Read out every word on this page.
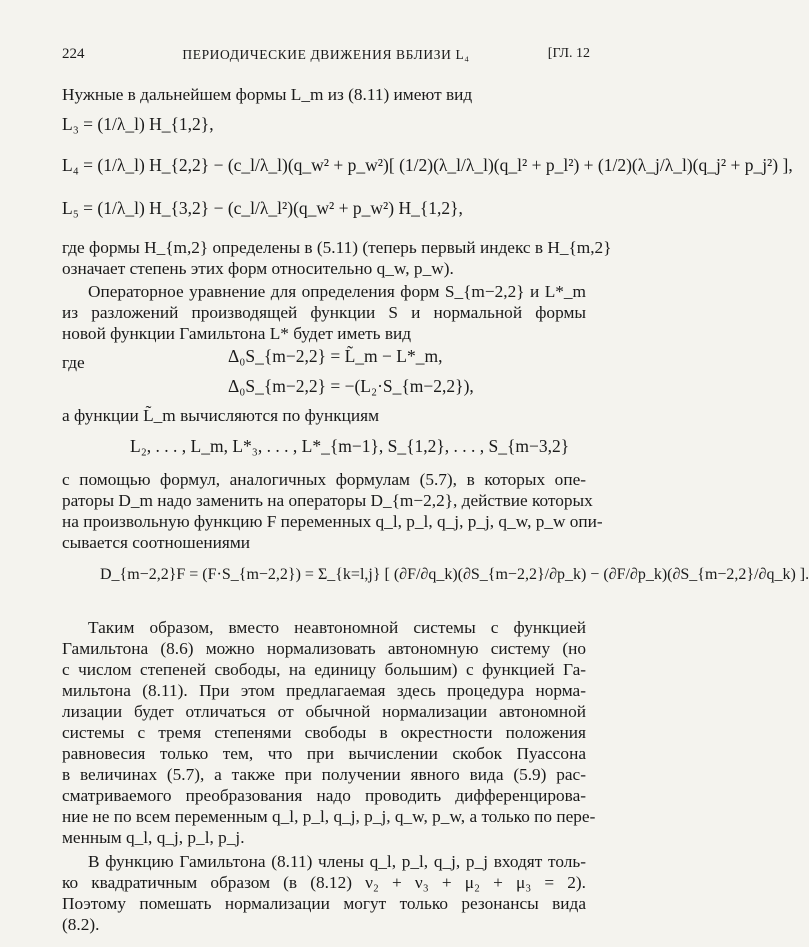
224	ПЕРИОДИЧЕСКИЕ ДВИЖЕНИЯ ВБЛИЗИ L₄	[ГЛ. 12
Нужные в дальнейшем формы L_m из (8.11) имеют вид
L₃ = (1/λ_l) H_{1,2},
L₄ = (1/λ_l) H_{2,2} − (c_l/λ_l)(q_w² + p_w²)[ (1/2)(λ_l/λ_l)(q_l² + p_l²) + (1/2)(λ_j/λ_l)(q_j² + p_j²) ],
L₅ = (1/λ_l) H_{3,2} − (c_l/λ_l²)(q_w² + p_w²) H_{1,2},
где формы H_{m,2} определены в (5.11) (теперь первый индекс в H_{m,2}
означает степень этих форм относительно q_w, p_w).
Операторное уравнение для определения форм S_{m−2,2} и L*_m
из разложений производящей функции S и нормальной формы
новой функции Гамильтона L* будет иметь вид
Δ₀S_{m−2,2} = L̃_m − L*_m,
где
Δ₀S_{m−2,2} = −(L₂·S_{m−2,2}),
а функции L̃_m вычисляются по функциям
L₂, . . . , L_m, L*₃, . . . , L*_{m−1}, S_{1,2}, . . . , S_{m−3,2}
с помощью формул, аналогичных формулам (5.7), в которых опе-
раторы D_m надо заменить на операторы D_{m−2,2}, действие которых
на произвольную функцию F переменных q_l, p_l, q_j, p_j, q_w, p_w опи-
сывается соотношениями
D_{m−2,2}F = (F·S_{m−2,2}) = Σ_{k=l,j} [ (∂F/∂q_k)(∂S_{m−2,2}/∂p_k) − (∂F/∂p_k)(∂S_{m−2,2}/∂q_k) ].
Таким образом, вместо неавтономной системы с функцией
Гамильтона (8.6) можно нормализовать автономную систему (но
с числом степеней свободы, на единицу большим) с функцией Га-
мильтона (8.11). При этом предлагаемая здесь процедура норма-
лизации будет отличаться от обычной нормализации автономной
системы с тремя степенями свободы в окрестности положения
равновесия только тем, что при вычислении скобок Пуассона
в величинах (5.7), а также при получении явного вида (5.9) рас-
сматриваемого преобразования надо проводить дифференцирова-
ние не по всем переменным q_l, p_l, q_j, p_j, q_w, p_w, а только по пере-
менным q_l, q_j, p_l, p_j.
В функцию Гамильтона (8.11) члены q_l, p_l, q_j, p_j входят толь-
ко квадратичным образом (в (8.12) ν₂ + ν₃ + μ₂ + μ₃ = 2).
Поэтому помешать нормализации могут только резонансы вида
(8.2).
